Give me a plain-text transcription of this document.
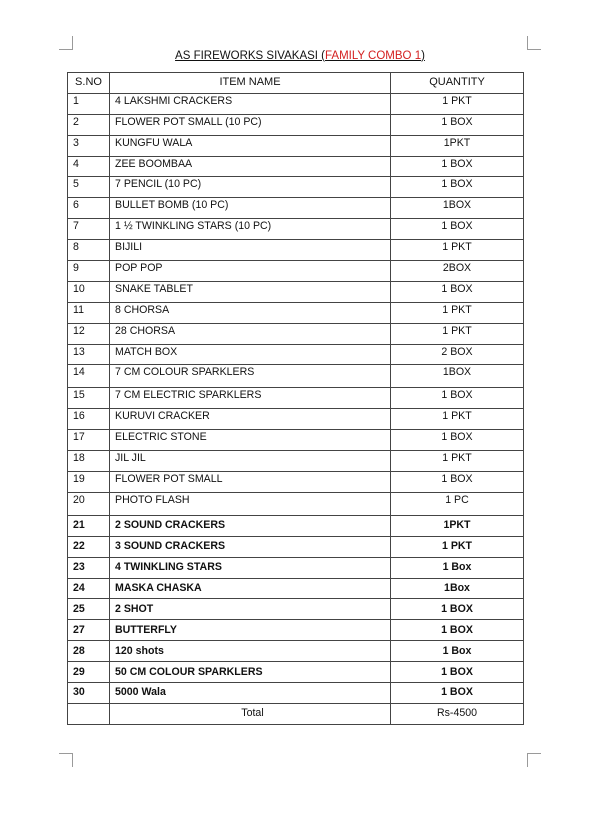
AS FIREWORKS SIVAKASI (FAMILY COMBO 1)
S.NO	ITEM NAME	QUANTITY
1	4 LAKSHMI CRACKERS	1 PKT
2	FLOWER POT SMALL (10 PC)	1 BOX
3	KUNGFU WALA	1PKT
4	ZEE BOOMBAA	1 BOX
5	7 PENCIL (10 PC)	1 BOX
6	BULLET BOMB (10 PC)	1BOX
7	1 ½ TWINKLING STARS (10 PC)	1 BOX
8	BIJILI	1 PKT
9	POP POP	2BOX
10	SNAKE TABLET	1 BOX
11	8 CHORSA	1 PKT
12	28 CHORSA	1 PKT
13	MATCH BOX	2 BOX
14	7 CM COLOUR SPARKLERS	1BOX
15	7 CM ELECTRIC SPARKLERS	1 BOX
16	KURUVI CRACKER	1 PKT
17	ELECTRIC STONE	1 BOX
18	JIL JIL	1 PKT
19	FLOWER POT SMALL	1 BOX
20	PHOTO FLASH	1 PC
21	2 SOUND CRACKERS	1PKT
22	3 SOUND CRACKERS	1 PKT
23	4 TWINKLING STARS	1 Box
24	MASKA CHASKA	1Box
25	2 SHOT	1 BOX
27	BUTTERFLY	1 BOX
28	120 shots	1 Box
29	50 CM COLOUR SPARKLERS	1 BOX
30	5000 Wala	1 BOX
	Total	Rs-4500
